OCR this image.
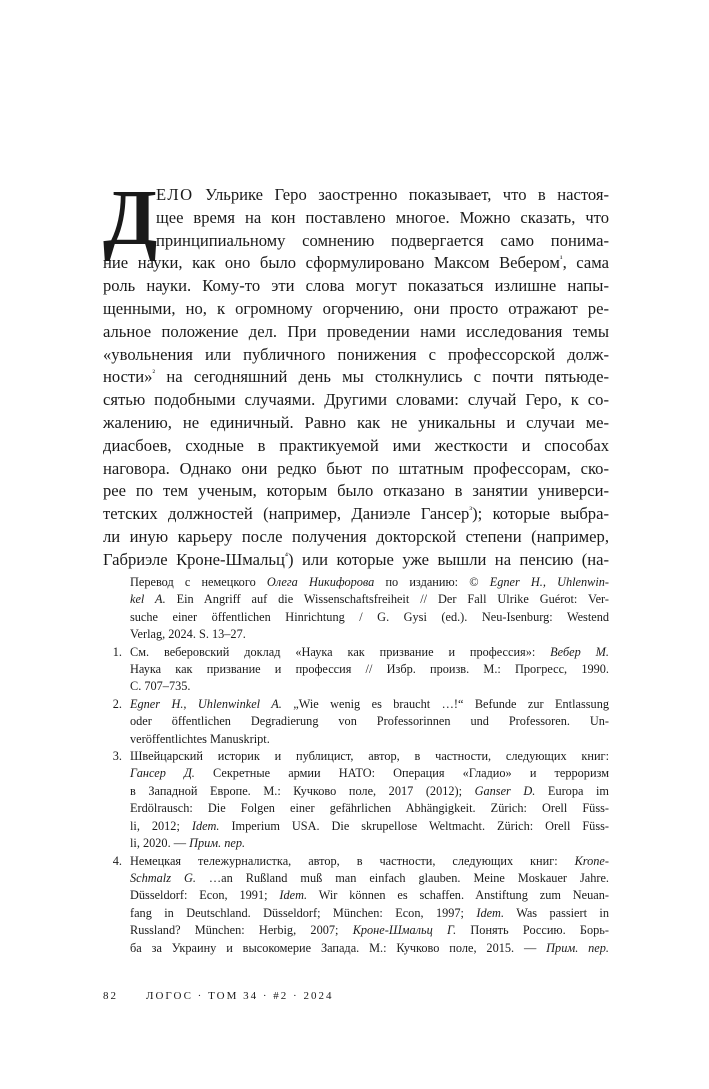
Д

ЕЛО Ульрике Геро заостренно показывает, что в настоя-
щее время на кон поставлено многое. Можно сказать, что
принципиальному сомнению подвергается само понима-
ние науки, как оно было сформулировано Максом Вебером$^{^1}$, сама
роль науки. Кому-то эти слова могут показаться излишне напы-
щенными, но, к огромному огорчению, они просто отражают ре-
альное положение дел. При проведении нами исследования темы
«увольнения или публичного понижения с профессорской долж-
ности»$^{^2}$ на сегодняшний день мы столкнулись с почти пятьюде-
сятью подобными случаями. Другими словами: случай Геро, к со-
жалению, не единичный. Равно как не уникальны и случаи ме-
диасбоев, сходные в практикуемой ими жесткости и способах
наговора. Однако они редко бьют по штатным профессорам, ско-
рее по тем ученым, которым было отказано в занятии универси-
тетских должностей (например, Даниэле Гансер$^{^3}$); которые выбра-
ли иную карьеру после получения докторской степени (например,
Габриэле Кроне-Шмальц$^{^4}$) или которые уже вышли на пенсию (на-

Перевод с немецкого Олега Никифорова по изданию: © Egner H., Uhlenwin-
kel A. Ein Angriff auf die Wissenschaftsfreiheit // Der Fall Ulrike Guérot: Ver-
suche einer öffentlichen Hinrichtung / G. Gysi (ed.). Neu-Isenburg: Westend
Verlag, 2024. S. 13–27.

1. См. веберовский доклад «Наука как призвание и профессия»: Вебер М.
Наука как призвание и профессия // Избр. произв. М.: Прогресс, 1990.
С. 707–735.

2. Egner H., Uhlenwinkel A. „Wie wenig es braucht …!“ Befunde zur Entlassung
oder öffentlichen Degradierung von Professorinnen und Professoren. Un-
veröffentlichtes Manuskript.

3. Швейцарский историк и публицист, автор, в частности, следующих книг:
Гансер Д. Секретные армии НАТО: Операция «Гладио» и терроризм
в Западной Европе. М.: Кучково поле, 2017 (2012); Ganser D. Europa im
Erdölrausch: Die Folgen einer gefährlichen Abhängigkeit. Zürich: Orell Füss-
li, 2012; Idem. Imperium USA. Die skrupellose Weltmacht. Zürich: Orell Füss-
li, 2020. — Прим. пер.

4. Немецкая тележурналистка, автор, в частности, следующих книг: Krone-
Schmalz G. …an Rußland muß man einfach glauben. Meine Moskauer Jahre.
Düsseldorf: Econ, 1991; Idem. Wir können es schaffen. Anstiftung zum Neuan-
fang in Deutschland. Düsseldorf; München: Econ, 1997; Idem. Was passiert in
Russland? München: Herbig, 2007; Кроне-Шмальц Г. Понять Россию. Борь-
ба за Украину и высокомерие Запада. М.: Кучково поле, 2015. — Прим. пер.

82	ЛОГОС · ТОМ 34 · #2 · 2024
